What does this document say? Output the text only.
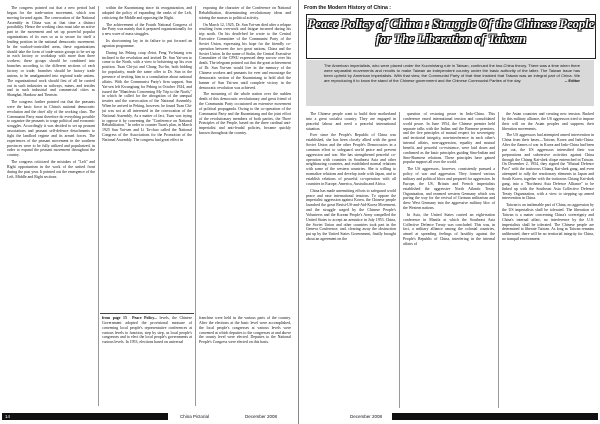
The congress pointed out that a new period had begun for the trade-union movement, which was moving forward again. The convocation of the National Assembly in China was at that time a distinct possibility. Hence the working class must take an active part in the movement and set up powerful popular organizations of its own so as to secure for itself a leading position in the national democratic movement. In the warlord-controlled areas, these organizations should take the form of trade-union groups to be set up in each factory or workshop with more than three workers; these groups should be combined into branches according to the different sections of each factory or trade; branches should be factory trade unions, to be amalgamated into regional trade unions. The organizational work should first of all be carried out in such industries as railways, mines, and textiles and in such industrial and commercial cities as Shanghai, Hankow and Tientsin.

The congress further pointed out that the peasants were the basic force in China's national democratic revolution and the chief ally of the working class. The Communist Party must therefore do everything possible to organize the peasants to wage political and economic struggles. Accordingly it was decided to set up peasant associations and peasant self-defence detachments to fight the landlord regime and its armed forces. The experiences of the peasant movement in the southern provinces were to be fully utilized and popularized, in order to expand the peasant movement throughout the country.

The congress criticized the mistakes of "Left" and Right opportunism in the work of the united front during the past year. It pointed out the emergence of the Left, Middle and Right sections

within the Kuomintang since its reorganization, and adopted the policy of expanding the ranks of the Left, criticizing the Middle and opposing the Right.

The achievement of the Fourth National Congress of the Party was mainly that it prepared organizationally for a new wave of mass struggles.

Its shortcoming lay in its failure to put forward an agrarian programme.

During his Peking coup d'etat, Feng Yu-hsiang was inclined to the revolution and invited Dr. Sun Yat-sen to come to the North, with a view to bolstering up his own position. Tuan Chi-jui and Chang Tso-lin, both bidding for popularity, made the same offer to Dr. Sun in the presence of inviting him to a consultation about national affairs. With the Communist Party's firm support, Sun Yat-sen left Kwangtung for Peking in October 1924, and issued the "Manifesto Concerning My Trip to the North," in which he called for the abrogation of the unequal treaties and the convocation of the National Assembly. When he arrived in Peking, however, he found Tuan Chi-jui was not at all interested in the convocation of the National Assembly. As a matter of fact, Tuan was trying to oppose it by convening the "Conference on National Rehabilitation." In order to counter Tuan's plan, in March 1925 Sun Yat-sen and Li Ta-chao called the National Congress of the Associations for the Promotion of the National Assembly. The congress had great effect in

exposing the character of the Conference on National Rehabilitation, disseminating revolutionary ideas and stirring the masses to political activity.

On March 12, 1925, Dr. Sun Yat-sen died after a relapse resulting from overwork and fatigue incurred during his trip north. On his death-bed he wrote to the Central Executive Committee of the Communist Party of the Soviet Union, expressing his hope for the friendly co-operation between the two great nations, China and the Soviet Union. In the name of Stalin, the Central Executive Committee of the CPSU expressed deep sorrow over his death. The telegram pointed out that the great achievement of Dr. Sun Yat-sen would live in the memory of the Chinese workers and peasants for ever and encourage the democratic section of the Kuomintang to hold aloft the banner of Sun Yat-sen until complete victory in the democratic revolution was achieved.

The mourning of the whole nation over the sudden death of this democratic revolutionary and great friend of the Communist Party occasioned an extensive movement of political propaganda. Owing to the co-operation of the Communist Party and the Kuomintang and the joint effort of the revolutionary members of both parties, the Three Principles of the People, based on the three cardinal anti-imperialist and anti-feudal policies, became quickly known throughout the country.

from page 15 Peace Policy... levels, the Chinese Government adopted the provisional measure of convening local people's representative conferences at various levels to function, step by step, as local people's congresses and to elect the local people's governments at various levels. In 1953, elections based on universal

franchise were held in the various parts of the country. After the elections at the basic level were accomplished, the local people's congresses at various levels were convened at which deputies to the congresses at and above the county level were elected. Deputies to the National People's Congress were elected on this basis.

14	China Pictorial	December 2008
From the Modern History of China :
Peace Policy of China : Struggle Of the Chinese People for The Liberation of Taiwan
The American imperialists, who were placed under the Kuomintang rule in Taiwan, continued the two-China theory. There was a time when there were separatist movements and revolts to make Taiwan an independent country under the basic authority of the latter. The Taiwan issue has been upheld by American imperialists. With that view, the Communist Party of that time insisted that Taiwan was an integral part of China. We are reproducing it to know the stand of the Chinese government and the Chinese Communist Parties of the day.	-- Editor

The Chinese people want to build their motherland into a great socialist country. They are engaged in peaceful labour and need a peaceful international situation.

Ever since the People's Republic of China was established, she has been closely allied with the great Soviet Union and the other People's Democracies in a common effort to safeguard world peace and prevent aggression and war. She has strengthened peaceful co-operation with countries in Southeast Asia and other neighbouring countries, and established normal relations with some of the western countries. She is willing to normalize relations and develop trade with Japan, and to establish relations of peaceful co-operation with all countries in Europe, America, Australia and Africa.

China has made unremitting efforts to safeguard world peace and ease international tensions. To oppose the imperialist aggression against Korea, the Chinese people launched the great Resist-US-and-Aid-Korea Movement, and the struggle waged by the Chinese People's Volunteers and the Korean People's Army compelled the United States to accept an armistice in July 1953. China, the Soviet Union and other countries took part in the Geneva Conference, and, clearing away the obstruction put up by the United States Government, finally brought about an agreement on the

question of restoring peace in Indo-China. This conference eased international tension and consolidated world peace. In June 1954, the Chinese premier held separate talks with the Indian and the Burmese premiers, and the five principles of mutual respect for sovereignty and territorial integrity, non-interference in each other's internal affairs, non-aggression, equality and mutual benefit, and peaceful co-existence, were laid down and confirmed as the basic principles guiding Sino-Indian and Sino-Burmese relations. These principles have gained popular support all over the world.

The US aggressors, however, consistently pursued a policy of war and aggression. They formed various military and political blocs and prepared for aggression. In Europe, the US, Britain and French imperialists established the aggressive North Atlantic Treaty Organization, and rearmed western Germany which was paving the way for the revival of German militarism and drew West Germany into the aggressive military bloc of the Western nations.

In Asia, the United States carried an eight-nation conference in Manila at which the Southeast Asia Collective Defence Treaty was concluded. This was, in fact, a military alliance among the colonial countries, aimed at spreading feelings of hostility against the People's Republic of China, interfering in the internal affairs of

the Asian countries and creating new tension. Backed by this military alliance, the US aggressors tried to impose their will on the Asian peoples and suppress their liberation movements.

The US aggressors had attempted armed intervention in China from their bases—Taiwan, Korea and Indo-China. After the flames of war in Korea and Indo-China had been put out, the US aggressors intensified their war preparations and subversive activities against China through the Chiang Kai-shek clique entrenched in Taiwan. On December 2, 1954, they signed the "Mutual Defence Pact" with the traitorous Chiang Kai-shek gang, and even attempted to rally the reactionary elements in Japan and South Korea, together with the traitorous Chiang Kai-shek gang, into a "Northeast Asia Defence Alliance" to be linked up with the Southeast Asia Collective Defence Treaty Organization, with a view to stepping up armed intervention in China.

Taiwan is an inalienable part of China, no aggression by the US imperialists shall be tolerated. The liberation of Taiwan is a matter concerning China's sovereignty and China's internal affair; no interference by the U.S. imperialists shall be tolerated. The Chinese people are determined to liberate Taiwan. As long as Taiwan remains unliberated, there will be no territorial integrity for China, no tranquil environment

December 2008
